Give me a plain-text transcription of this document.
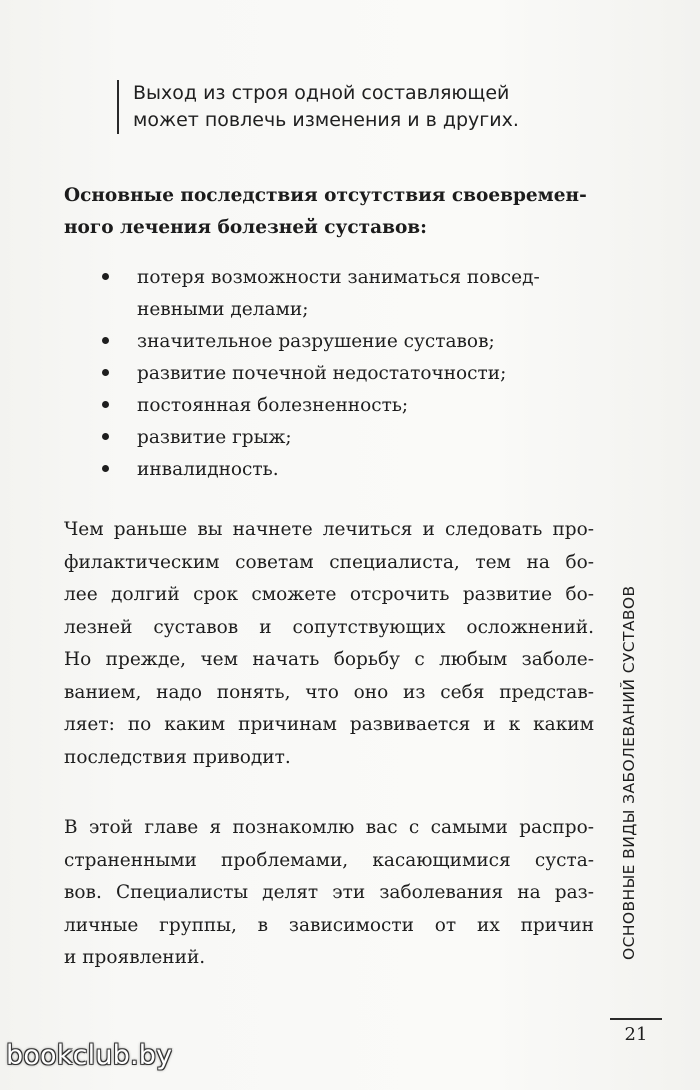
Выход из строя одной составляющей
может повлечь изменения и в других.
Основные последствия отсутствия своевремен-
ного лечения болезней суставов:
потеря возможности заниматься повсед-
невными делами;
значительное разрушение суставов;
развитие почечной недостаточности;
постоянная болезненность;
развитие грыж;
инвалидность.
Чем раньше вы начнете лечиться и следовать про-
филактическим советам специалиста, тем на бо-
лее долгий срок сможете отсрочить развитие бо-
лезней суставов и сопутствующих осложнений.
Но прежде, чем начать борьбу с любым заболе-
ванием, надо понять, что оно из себя представ-
ляет: по каким причинам развивается и к каким
последствия приводит.
В этой главе я познакомлю вас с самыми распро-
страненными проблемами, касающимися суста-
вов. Специалисты делят эти заболевания на раз-
личные группы, в зависимости от их причин
и проявлений.	ОСНОВНЫЕ ВИДЫ ЗАБОЛЕВАНИЙ СУСТАВОВ
21
bookclub.by
